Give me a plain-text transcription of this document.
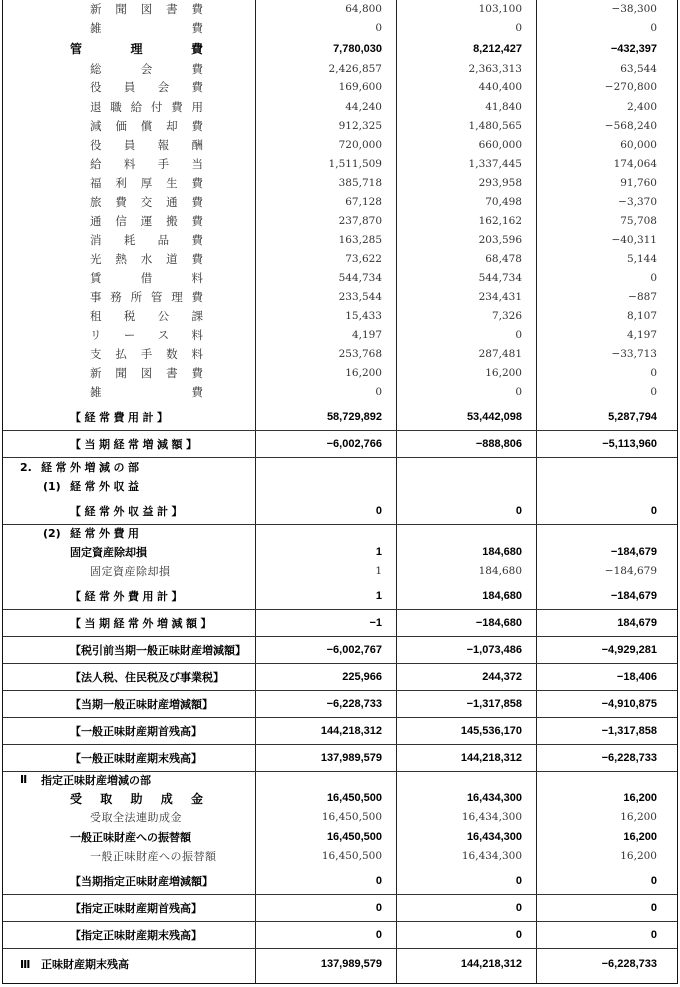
新 聞 図 書 費	64,800	103,100	−38,300
雑	費	0	0	0
管	理	費	7,780,030	8,212,427	−432,397
総	会	費	2,426,857	2,363,313	63,544
役 員 会 費	169,600	440,400	−270,800
退 職 給 付 費 用	44,240	41,840	2,400
減 価 償 却 費	912,325	1,480,565	−568,240
役 員 報 酬	720,000	660,000	60,000
給 料 手 当	1,511,509	1,337,445	174,064
福 利 厚 生 費	385,718	293,958	91,760
旅 費 交 通 費	67,128	70,498	−3,370
通 信 運 搬 費	237,870	162,162	75,708
消 耗 品 費	163,285	203,596	−40,311
光 熱 水 道 費	73,622	68,478	5,144
賃	借	料	544,734	544,734	0
事 務 所 管 理 費	233,544	234,431	−887
租 税 公 課	15,433	7,326	8,107
リ ー ス 料	4,197	0	4,197
支 払 手 数 料	253,768	287,481	−33,713
新 聞 図 書 費	16,200	16,200	0
雑	費	0	0	0
【経常費用計】	58,729,892	53,442,098	5,287,794
【当期経常増減額】	−6,002,766	−888,806	−5,113,960
2. 経常外増減の部
(1) 経常外収益
【経常外収益計】	0	0	0
(2) 経常外費用
固定資産除却損	1	184,680	−184,679
固定資産除却損	1	184,680	−184,679
【経常外費用計】	1	184,680	−184,679
【当期経常外増減額】	−1	−184,680	184,679
【税引前当期一般正味財産増減額】	−6,002,767	−1,073,486	−4,929,281
【法人税、住民税及び事業税】	225,966	244,372	−18,406
【当期一般正味財産増減額】	−6,228,733	−1,317,858	−4,910,875
【一般正味財産期首残高】	144,218,312	145,536,170	−1,317,858
【一般正味財産期末残高】	137,989,579	144,218,312	−6,228,733
Ⅱ 指定正味財産増減の部
受 取 助 成 金	16,450,500	16,434,300	16,200
受取全法連助成金	16,450,500	16,434,300	16,200
一般正味財産への振替額	16,450,500	16,434,300	16,200
一般正味財産への振替額	16,450,500	16,434,300	16,200
【当期指定正味財産増減額】	0	0	0
【指定正味財産期首残高】	0	0	0
【指定正味財産期末残高】	0	0	0
Ⅲ 正味財産期末残高	137,989,579	144,218,312	−6,228,733
